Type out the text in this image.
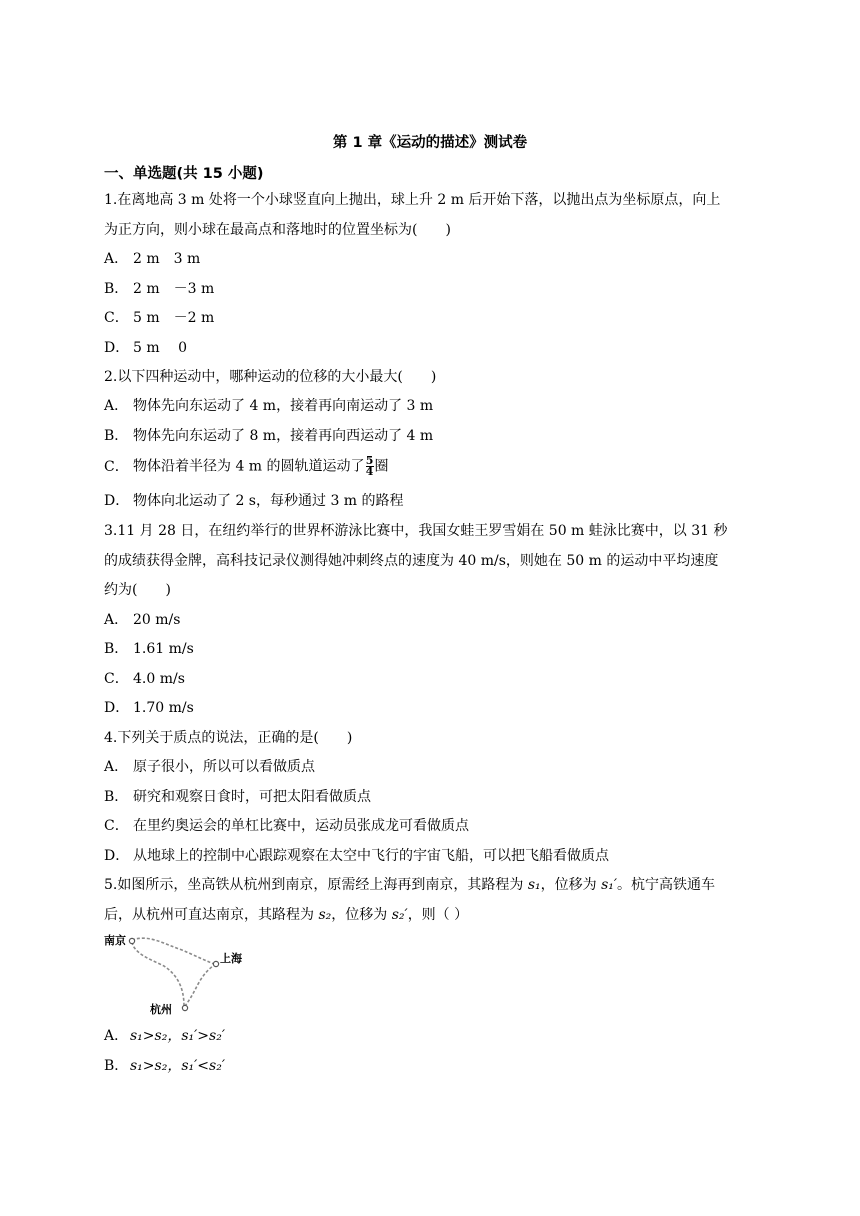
第 1 章《运动的描述》测试卷
一、单选题(共 15 小题)
1.在离地高 3 m 处将一个小球竖直向上抛出，球上升 2 m 后开始下落，以抛出点为坐标原点，向上
为正方向，则小球在最高点和落地时的位置坐标为(　　)
A． 2 m　3 m
B． 2 m　－3 m
C． 5 m　－2 m
D． 5 m　 0
2.以下四种运动中，哪种运动的位移的大小最大(　　)
A． 物体先向东运动了 4 m，接着再向南运动了 3 m
B． 物体先向东运动了 8 m，接着再向西运动了 4 m
C． 物体沿着半径为 4 m 的圆轨道运动了 $\frac{5}{4}$ 圈
D． 物体向北运动了 2 s，每秒通过 3 m 的路程
3.11 月 28 日，在纽约举行的世界杯游泳比赛中，我国女蛙王罗雪娟在 50 m 蛙泳比赛中，以 31 秒
的成绩获得金牌，高科技记录仪测得她冲刺终点的速度为 40 m/s，则她在 50 m 的运动中平均速度
约为(　　)
A． 20 m/s
B． 1.61 m/s
C． 4.0 m/s
D． 1.70 m/s
4.下列关于质点的说法，正确的是(　　)
A． 原子很小，所以可以看做质点
B． 研究和观察日食时，可把太阳看做质点
C． 在里约奥运会的单杠比赛中，运动员张成龙可看做质点
D． 从地球上的控制中心跟踪观察在太空中飞行的宇宙飞船，可以把飞船看做质点
5.如图所示，坐高铁从杭州到南京，原需经上海再到南京，其路程为 s₁，位移为 s₁′。杭宁高铁通车
后，从杭州可直达南京，其路程为 s₂，位移为 s₂′，则（ ）
南京
上海
杭州
A． s₁>s₂，s₁′>s₂′
B． s₁>s₂，s₁′<s₂′
